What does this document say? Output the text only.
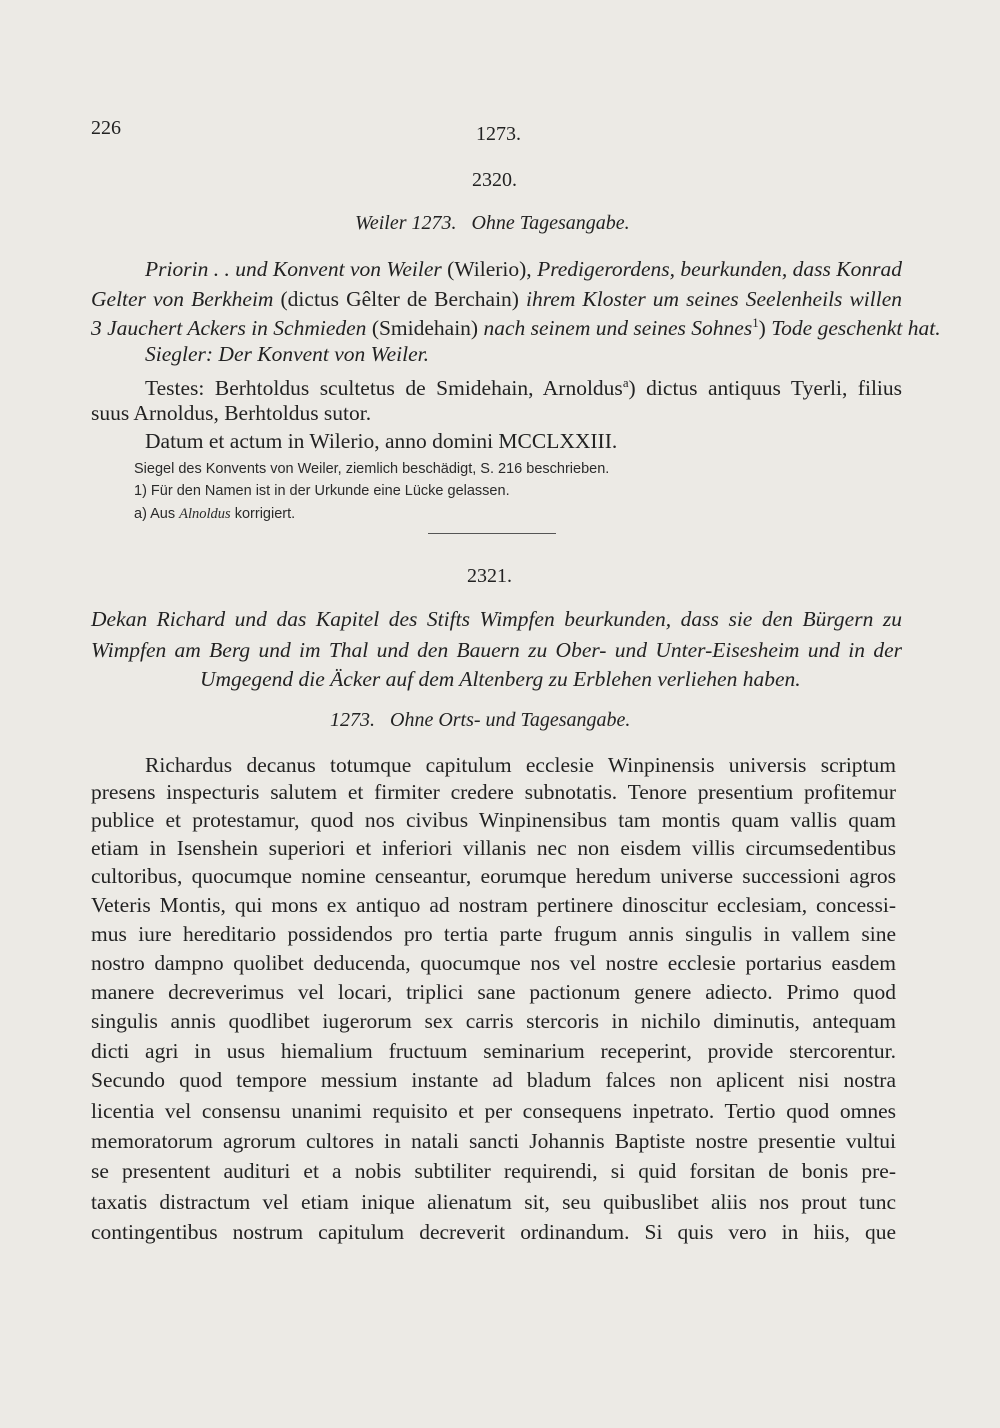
226	1273.

2320.

Weiler 1273.   Ohne Tagesangabe.

Priorin . . und Konvent von Weiler (Wilerio), Predigerordens, beurkunden, dass Konrad

Gelter von Berkheim (dictus Gêlter de Berchain) ihrem Kloster um seines Seelenheils willen

3 Jauchert Ackers in Schmieden (Smidehain) nach seinem und seines Sohnes$^1$) Tode geschenkt hat.

Siegler: Der Konvent von Weiler.

Testes: Berhtoldus scultetus de Smidehain, Arnoldus$^a$) dictus antiquus Tyerli, filius

suus Arnoldus, Berhtoldus sutor.

Datum et actum in Wilerio, anno domini MCCLXXIII.

Siegel des Konvents von Weiler, ziemlich beschädigt, S. 216 beschrieben.

1) Für den Namen ist in der Urkunde eine Lücke gelassen.

a) Aus Alnoldus korrigiert.

2321.

Dekan Richard und das Kapitel des Stifts Wimpfen beurkunden, dass sie den Bürgern zu

Wimpfen am Berg und im Thal und den Bauern zu Ober- und Unter-Eisesheim und in der

Umgegend die Äcker auf dem Altenberg zu Erblehen verliehen haben.

1273.   Ohne Orts- und Tagesangabe.

Richardus decanus totumque capitulum ecclesie Winpinensis universis scriptum

presens inspecturis salutem et firmiter credere subnotatis. Tenore presentium profitemur

publice et protestamur, quod nos civibus Winpinensibus tam montis quam vallis quam

etiam in Isenshein superiori et inferiori villanis nec non eisdem villis circumsedentibus

cultoribus, quocumque nomine censeantur, eorumque heredum universe successioni agros

Veteris Montis, qui mons ex antiquo ad nostram pertinere dinoscitur ecclesiam, concessi-

mus iure hereditario possidendos pro tertia parte frugum annis singulis in vallem sine

nostro dampno quolibet deducenda, quocumque nos vel nostre ecclesie portarius easdem

manere decreverimus vel locari, triplici sane pactionum genere adiecto. Primo quod

singulis annis quodlibet iugerorum sex carris stercoris in nichilo diminutis, antequam

dicti agri in usus hiemalium fructuum seminarium receperint, provide stercorentur.

Secundo quod tempore messium instante ad bladum falces non aplicent nisi nostra

licentia vel consensu unanimi requisito et per consequens inpetrato. Tertio quod omnes

memoratorum agrorum cultores in natali sancti Johannis Baptiste nostre presentie vultui

se presentent audituri et a nobis subtiliter requirendi, si quid forsitan de bonis pre-

taxatis distractum vel etiam inique alienatum sit, seu quibuslibet aliis nos prout tunc

contingentibus nostrum capitulum decreverit ordinandum. Si quis vero in hiis, que
